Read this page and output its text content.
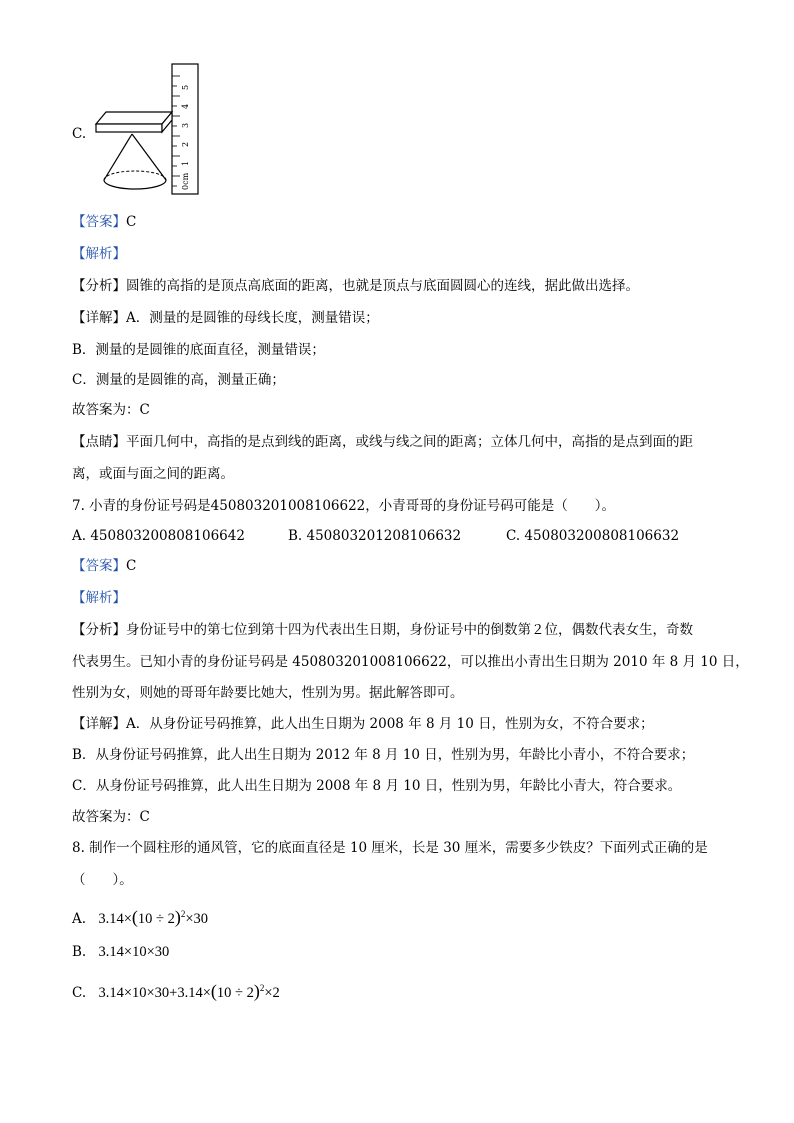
C.
5
4
3
2
1
0cm
【答案】C
【解析】
【分析】圆锥的高指的是顶点高底面的距离，也就是顶点与底面圆圆心的连线，据此做出选择。
【详解】A．测量的是圆锥的母线长度，测量错误；
B．测量的是圆锥的底面直径，测量错误；
C．测量的是圆锥的高，测量正确；
故答案为：C
【点睛】平面几何中，高指的是点到线的距离，或线与线之间的距离；立体几何中，高指的是点到面的距
离，或面与面之间的距离。
7. 小青的身份证号码是450803201008106622，小青哥哥的身份证号码可能是（　　）。
A. 450803200808106642	B. 450803201208106632	C. 450803200808106632
【答案】C
【解析】
【分析】身份证号中的第七位到第十四为代表出生日期，身份证号中的倒数第２位，偶数代表女生，奇数
代表男生。已知小青的身份证号码是 450803201008106622，可以推出小青出生日期为 2010 年 8 月 10 日，
性别为女，则她的哥哥年龄要比她大，性别为男。据此解答即可。
【详解】A．从身份证号码推算，此人出生日期为 2008 年 8 月 10 日，性别为女，不符合要求；
B．从身份证号码推算，此人出生日期为 2012 年 8 月 10 日，性别为男，年龄比小青小，不符合要求；
C．从身份证号码推算，此人出生日期为 2008 年 8 月 10 日，性别为男，年龄比小青大，符合要求。
故答案为：C
8. 制作一个圆柱形的通风管，它的底面直径是 10 厘米，长是 30 厘米，需要多少铁皮？下面列式正确的是
（　　）。
A. $3.14\times(10 \div 2)^2\times 30$
B. 3.14×10×30
C. $3.14\times 10\times 30+3.14\times(10 \div 2)^2\times 2$
